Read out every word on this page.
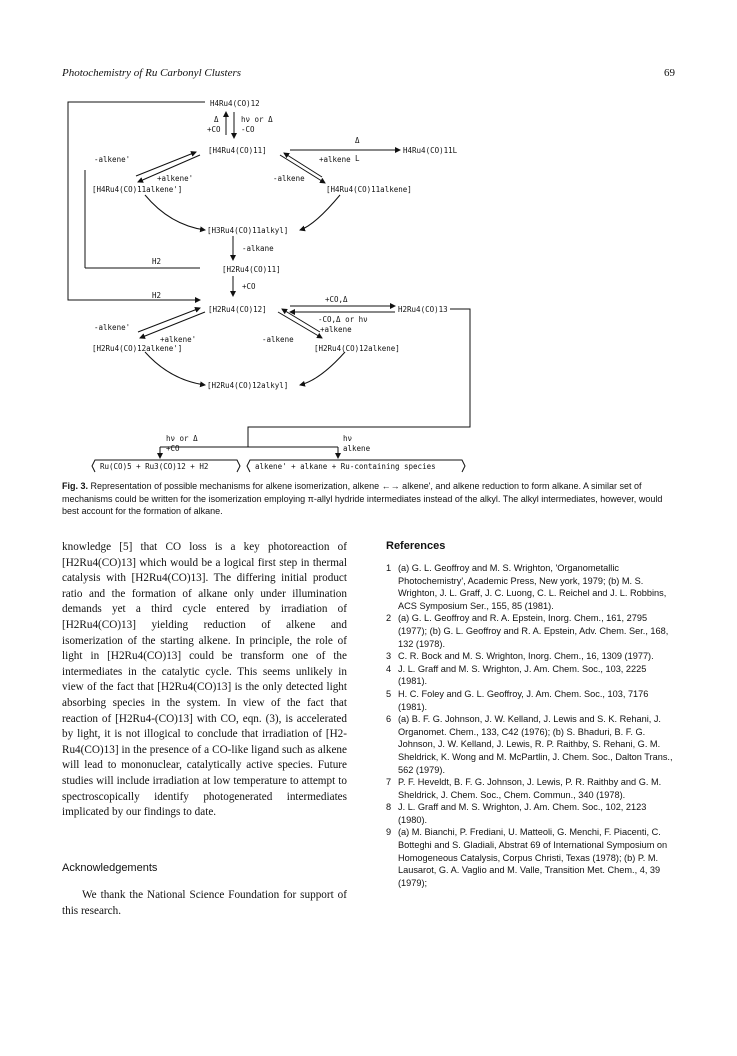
Photochemistry of Ru Carbonyl Clusters	69
H4Ru4(CO)12
Δ
+CO
hν or Δ
-CO
[H4Ru4(CO)11]
Δ
L
H4Ru4(CO)11L
-alkene'
+alkene'	-alkene
+alkene
[H4Ru4(CO)11alkene']	[H4Ru4(CO)11alkene]
[H3Ru4(CO)11alkyl]
-alkane
H2
[H2Ru4(CO)11]
+CO
H2
[H2Ru4(CO)12]
+CO,Δ
-CO,Δ or hν
H2Ru4(CO)13
-alkene'
+alkene'	-alkene
+alkene
[H2Ru4(CO)12alkene']	[H2Ru4(CO)12alkene]
[H2Ru4(CO)12alkyl]
hν or Δ
+CO
hν
alkene
Ru(CO)5 + Ru3(CO)12 + H2	alkene' + alkane + Ru-containing species
Fig. 3. Representation of possible mechanisms for alkene isomerization, alkene ←→ alkene', and alkene reduction to form alkane. A similar set of mechanisms could be written for the isomerization employing π-allyl hydride intermediates instead of the alkyl. The alkyl intermediates, however, would best account for the formation of alkane.

knowledge [5] that CO loss is a key photoreaction of [H2Ru4(CO)13] which would be a logical first step in thermal catalysis with [H2Ru4(CO)13]. The differing initial product ratio and the formation of alkane only under illumination demands yet a third cycle entered by irradiation of [H2Ru4(CO)13] yielding reduction of alkene and isomerization of the starting alkene. In principle, the role of light in [H2Ru4(CO)13] could be transform one of the intermediates in the catalytic cycle. This seems unlikely in view of the fact that [H2Ru4(CO)13] is the only detected light absorbing species in the system. In view of the fact that reaction of [H2Ru4-(CO)13] with CO, eqn. (3), is accelerated by light, it is not illogical to conclude that irradiation of [H2-Ru4(CO)13] in the presence of a CO-like ligand such as alkene will lead to mononuclear, catalytically active species. Future studies will include irradiation at low temperature to attempt to spectroscopically identify photogenerated intermediates implicated by our findings to date.

Acknowledgements
We thank the National Science Foundation for support of this research.
References
1 (a) G. L. Geoffroy and M. S. Wrighton, 'Organometallic Photochemistry', Academic Press, New york, 1979; (b) M. S. Wrighton, J. L. Graff, J. C. Luong, C. L. Reichel and J. L. Robbins, ACS Symposium Ser., 155, 85 (1981).
2 (a) G. L. Geoffroy and R. A. Epstein, Inorg. Chem., 161, 2795 (1977); (b) G. L. Geoffroy and R. A. Epstein, Adv. Chem. Ser., 168, 132 (1978).
3 C. R. Bock and M. S. Wrighton, Inorg. Chem., 16, 1309 (1977).
4 J. L. Graff and M. S. Wrighton, J. Am. Chem. Soc., 103, 2225 (1981).
5 H. C. Foley and G. L. Geoffroy, J. Am. Chem. Soc., 103, 7176 (1981).
6 (a) B. F. G. Johnson, J. W. Kelland, J. Lewis and S. K. Rehani, J. Organomet. Chem., 133, C42 (1976); (b) S. Bhaduri, B. F. G. Johnson, J. W. Kelland, J. Lewis, R. P. Raithby, S. Rehani, G. M. Sheldrick, K. Wong and M. McPartlin, J. Chem. Soc., Dalton Trans., 562 (1979).
7 P. F. Heveldt, B. F. G. Johnson, J. Lewis, P. R. Raithby and G. M. Sheldrick, J. Chem. Soc., Chem. Commun., 340 (1978).
8 J. L. Graff and M. S. Wrighton, J. Am. Chem. Soc., 102, 2123 (1980).
9 (a) M. Bianchi, P. Frediani, U. Matteoli, G. Menchi, F. Piacenti, C. Botteghi and S. Gladiali, Abstrat 69 of International Symposium on Homogeneous Catalysis, Corpus Christi, Texas (1978); (b) P. M. Lausarot, G. A. Vaglio and M. Valle, Transition Met. Chem., 4, 39 (1979);
